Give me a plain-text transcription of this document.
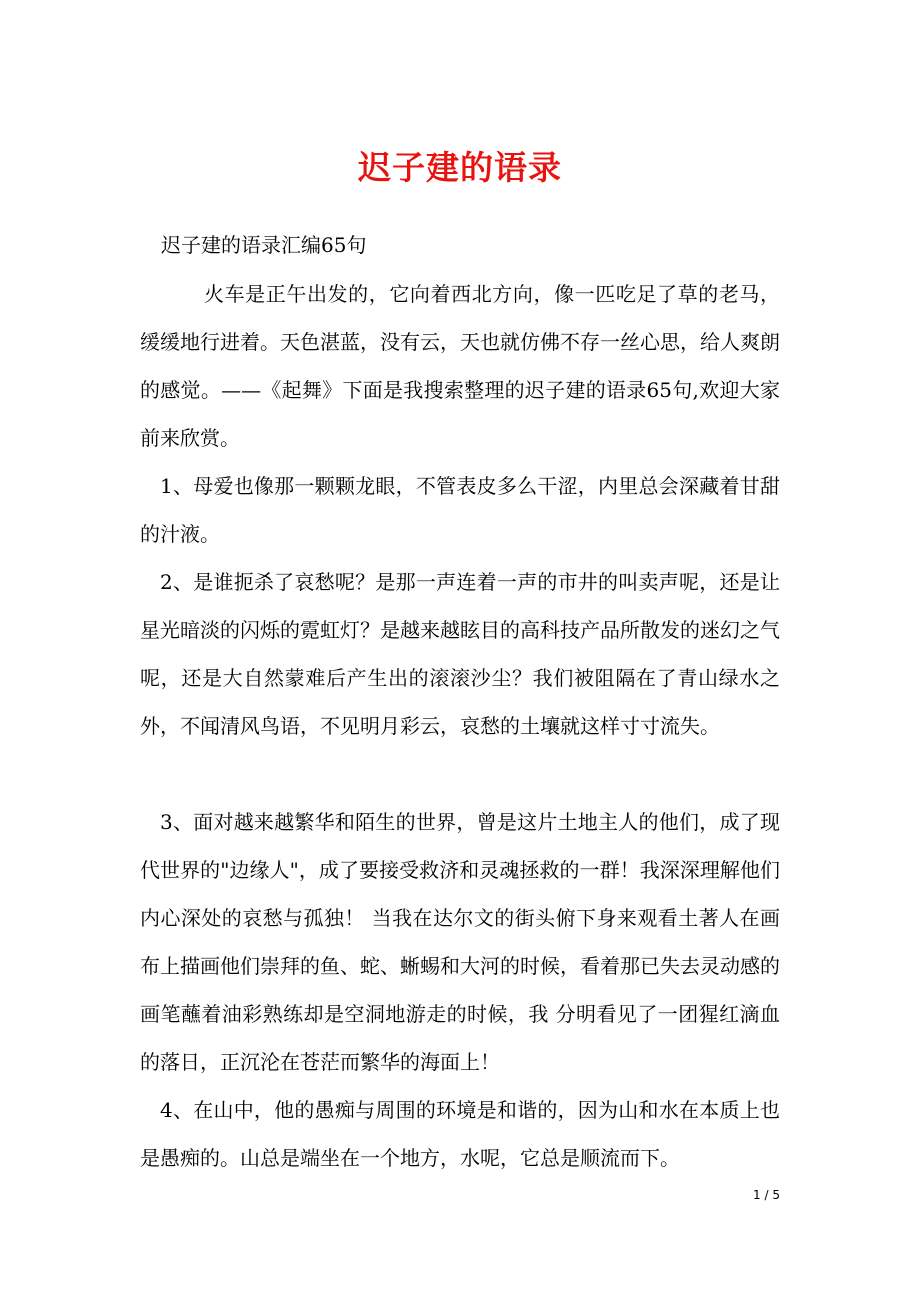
迟子建的语录
迟子建的语录汇编65句

火车是正午出发的，它向着西北方向，像一匹吃足了草的老马，缓缓地行进着。天色湛蓝，没有云，天也就仿佛不存一丝心思，给人爽朗的感觉。——《起舞》下面是我搜索整理的迟子建的语录65句,欢迎大家前来欣赏。

1、母爱也像那一颗颗龙眼，不管表皮多么干涩，内里总会深藏着甘甜的汁液。

2、是谁扼杀了哀愁呢？是那一声连着一声的市井的叫卖声呢，还是让星光暗淡的闪烁的霓虹灯？是越来越眩目的高科技产品所散发的迷幻之气呢，还是大自然蒙难后产生出的滚滚沙尘？我们被阻隔在了青山绿水之外，不闻清风鸟语，不见明月彩云，哀愁的土壤就这样寸寸流失。

3、面对越来越繁华和陌生的世界，曾是这片土地主人的他们，成了现代世界的"边缘人"，成了要接受救济和灵魂拯救的一群！我深深理解他们内心深处的哀愁与孤独！ 当我在达尔文的街头俯下身来观看土著人在画布上描画他们崇拜的鱼、蛇、蜥蜴和大河的时候，看着那已失去灵动感的画笔蘸着油彩熟练却是空洞地游走的时候，我 分明看见了一团猩红滴血的落日，正沉沦在苍茫而繁华的海面上！

4、在山中，他的愚痴与周围的环境是和谐的，因为山和水在本质上也是愚痴的。山总是端坐在一个地方，水呢，它总是顺流而下。

1 / 5
